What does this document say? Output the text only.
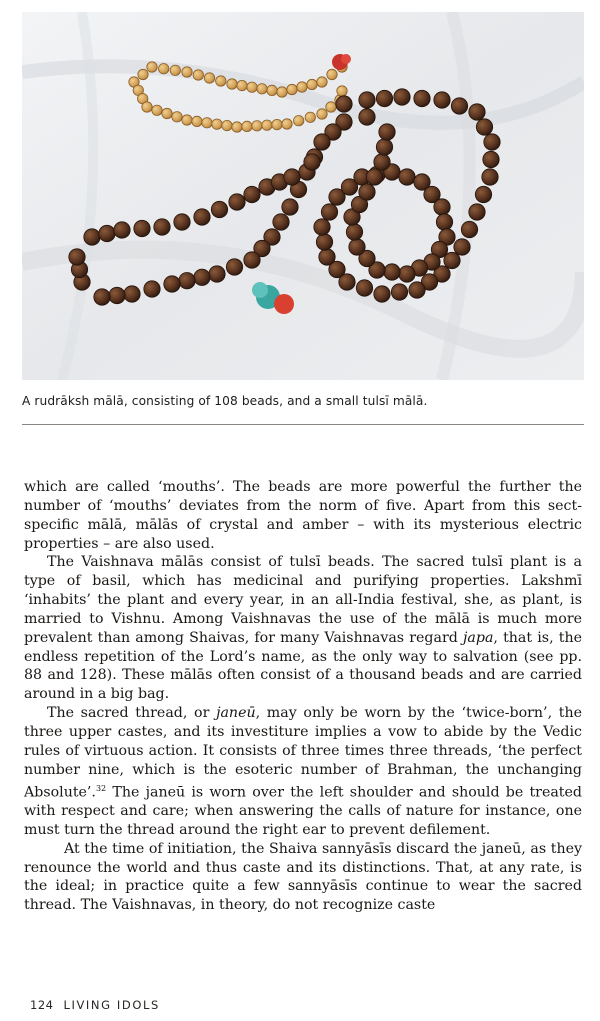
A rudrāksh mālā, consisting of 108 beads, and a small tulsī mālā.

which are called ‘mouths’. The beads are more powerful the further the number of ‘mouths’ deviates from the norm of five. Apart from this sect-specific mālā, mālās of crystal and amber – with its mysterious electric properties – are also used.

The Vaishnava mālās consist of tulsī beads. The sacred tulsī plant is a type of basil, which has medicinal and purifying properties. Lakshmī ‘inhabits’ the plant and every year, in an all-India festival, she, as plant, is married to Vishnu. Among Vaishnavas the use of the mālā is much more prevalent than among Shaivas, for many Vaishnavas regard japa, that is, the endless repetition of the Lord’s name, as the only way to salvation (see pp. 88 and 128). These mālās often consist of a thousand beads and are carried around in a big bag.

The sacred thread, or janeū, may only be worn by the ‘twice-born’, the three upper castes, and its investiture implies a vow to abide by the Vedic rules of virtuous action. It consists of three times three threads, ‘the perfect number nine, which is the esoteric number of Brahman, the unchanging Absolute’.$^{32}$ The janeū is worn over the left shoulder and should be treated with respect and care; when answering the calls of nature for instance, one must turn the thread around the right ear to prevent defilement.

At the time of initiation, the Shaiva sannyāsīs discard the janeū, as they renounce the world and thus caste and its distinctions. That, at any rate, is the ideal; in practice quite a few sannyāsīs continue to wear the sacred thread. The Vaishnavas, in theory, do not recognize caste

124 LIVING IDOLS
